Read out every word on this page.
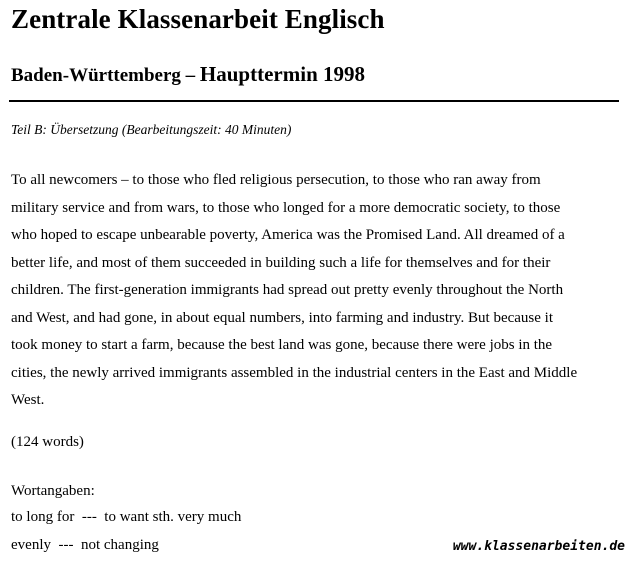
Zentrale Klassenarbeit Englisch
Baden-Württemberg – Haupttermin 1998
Teil B: Übersetzung (Bearbeitungszeit: 40 Minuten)
To all newcomers – to those who fled religious persecution, to those who ran away from
military service and from wars, to those who longed for a more democratic society, to those
who hoped to escape unbearable poverty, America was the Promised Land. All dreamed of a
better life, and most of them succeeded in building such a life for themselves and for their
children. The first-generation immigrants had spread out pretty evenly throughout the North
and West, and had gone, in about equal numbers, into farming and industry. But because it
took money to start a farm, because the best land was gone, because there were jobs in the
cities, the newly arrived immigrants assembled in the industrial centers in the East and Middle
West.
(124 words)
Wortangaben:
to long for  ---  to want sth. very much
evenly  ---  not changing	www.klassenarbeiten.de
